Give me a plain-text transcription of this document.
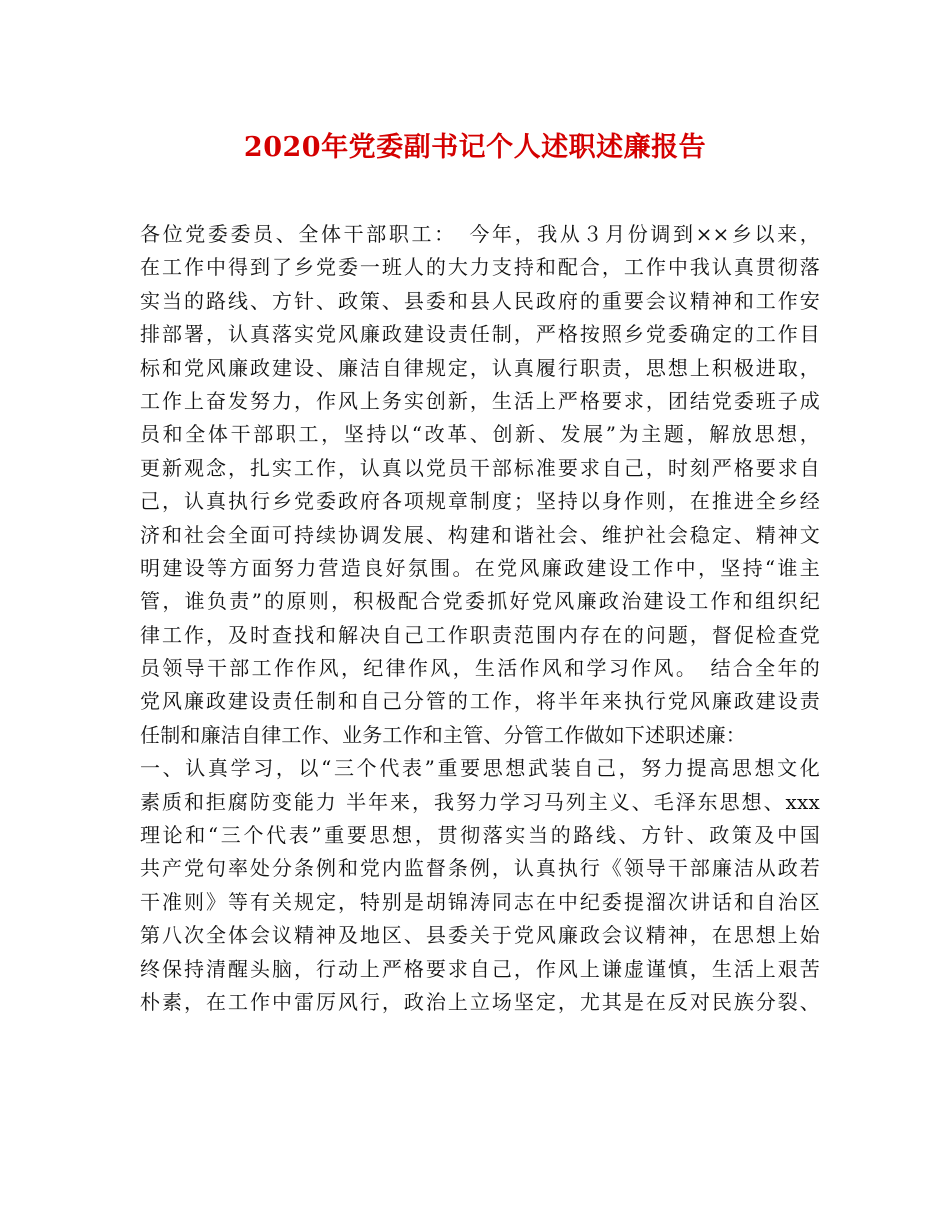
2020年党委副书记个人述职述廉报告
各位党委委员、全体干部职工：　今年，我从３月份调到××乡以来，
在工作中得到了乡党委一班人的大力支持和配合，工作中我认真贯彻落
实当的路线、方针、政策、县委和县人民政府的重要会议精神和工作安
排部署，认真落实党风廉政建设责任制，严格按照乡党委确定的工作目
标和党风廉政建设、廉洁自律规定，认真履行职责，思想上积极进取，
工作上奋发努力，作风上务实创新，生活上严格要求，团结党委班子成
员和全体干部职工，坚持以“改革、创新、发展”为主题，解放思想，
更新观念，扎实工作，认真以党员干部标准要求自己，时刻严格要求自
己，认真执行乡党委政府各项规章制度；坚持以身作则，在推进全乡经
济和社会全面可持续协调发展、构建和谐社会、维护社会稳定、精神文
明建设等方面努力营造良好氛围。在党风廉政建设工作中，坚持“谁主
管，谁负责”的原则，积极配合党委抓好党风廉政治建设工作和组织纪
律工作，及时查找和解决自己工作职责范围内存在的问题，督促检查党
员领导干部工作作风，纪律作风，生活作风和学习作风。　结合全年的
党风廉政建设责任制和自己分管的工作，将半年来执行党风廉政建设责
任制和廉洁自律工作、业务工作和主管、分管工作做如下述职述廉：
一、认真学习，以“三个代表”重要思想武装自己，努力提高思想文化
素质和拒腐防变能力 半年来，我努力学习马列主义、毛泽东思想、xxx
理论和“三个代表”重要思想，贯彻落实当的路线、方针、政策及中国
共产党句率处分条例和党内监督条例，认真执行《领导干部廉洁从政若
干准则》等有关规定，特别是胡锦涛同志在中纪委提溜次讲话和自治区
第八次全体会议精神及地区、县委关于党风廉政会议精神，在思想上始
终保持清醒头脑，行动上严格要求自己，作风上谦虚谨慎，生活上艰苦
朴素，在工作中雷厉风行，政治上立场坚定，尤其是在反对民族分裂、
